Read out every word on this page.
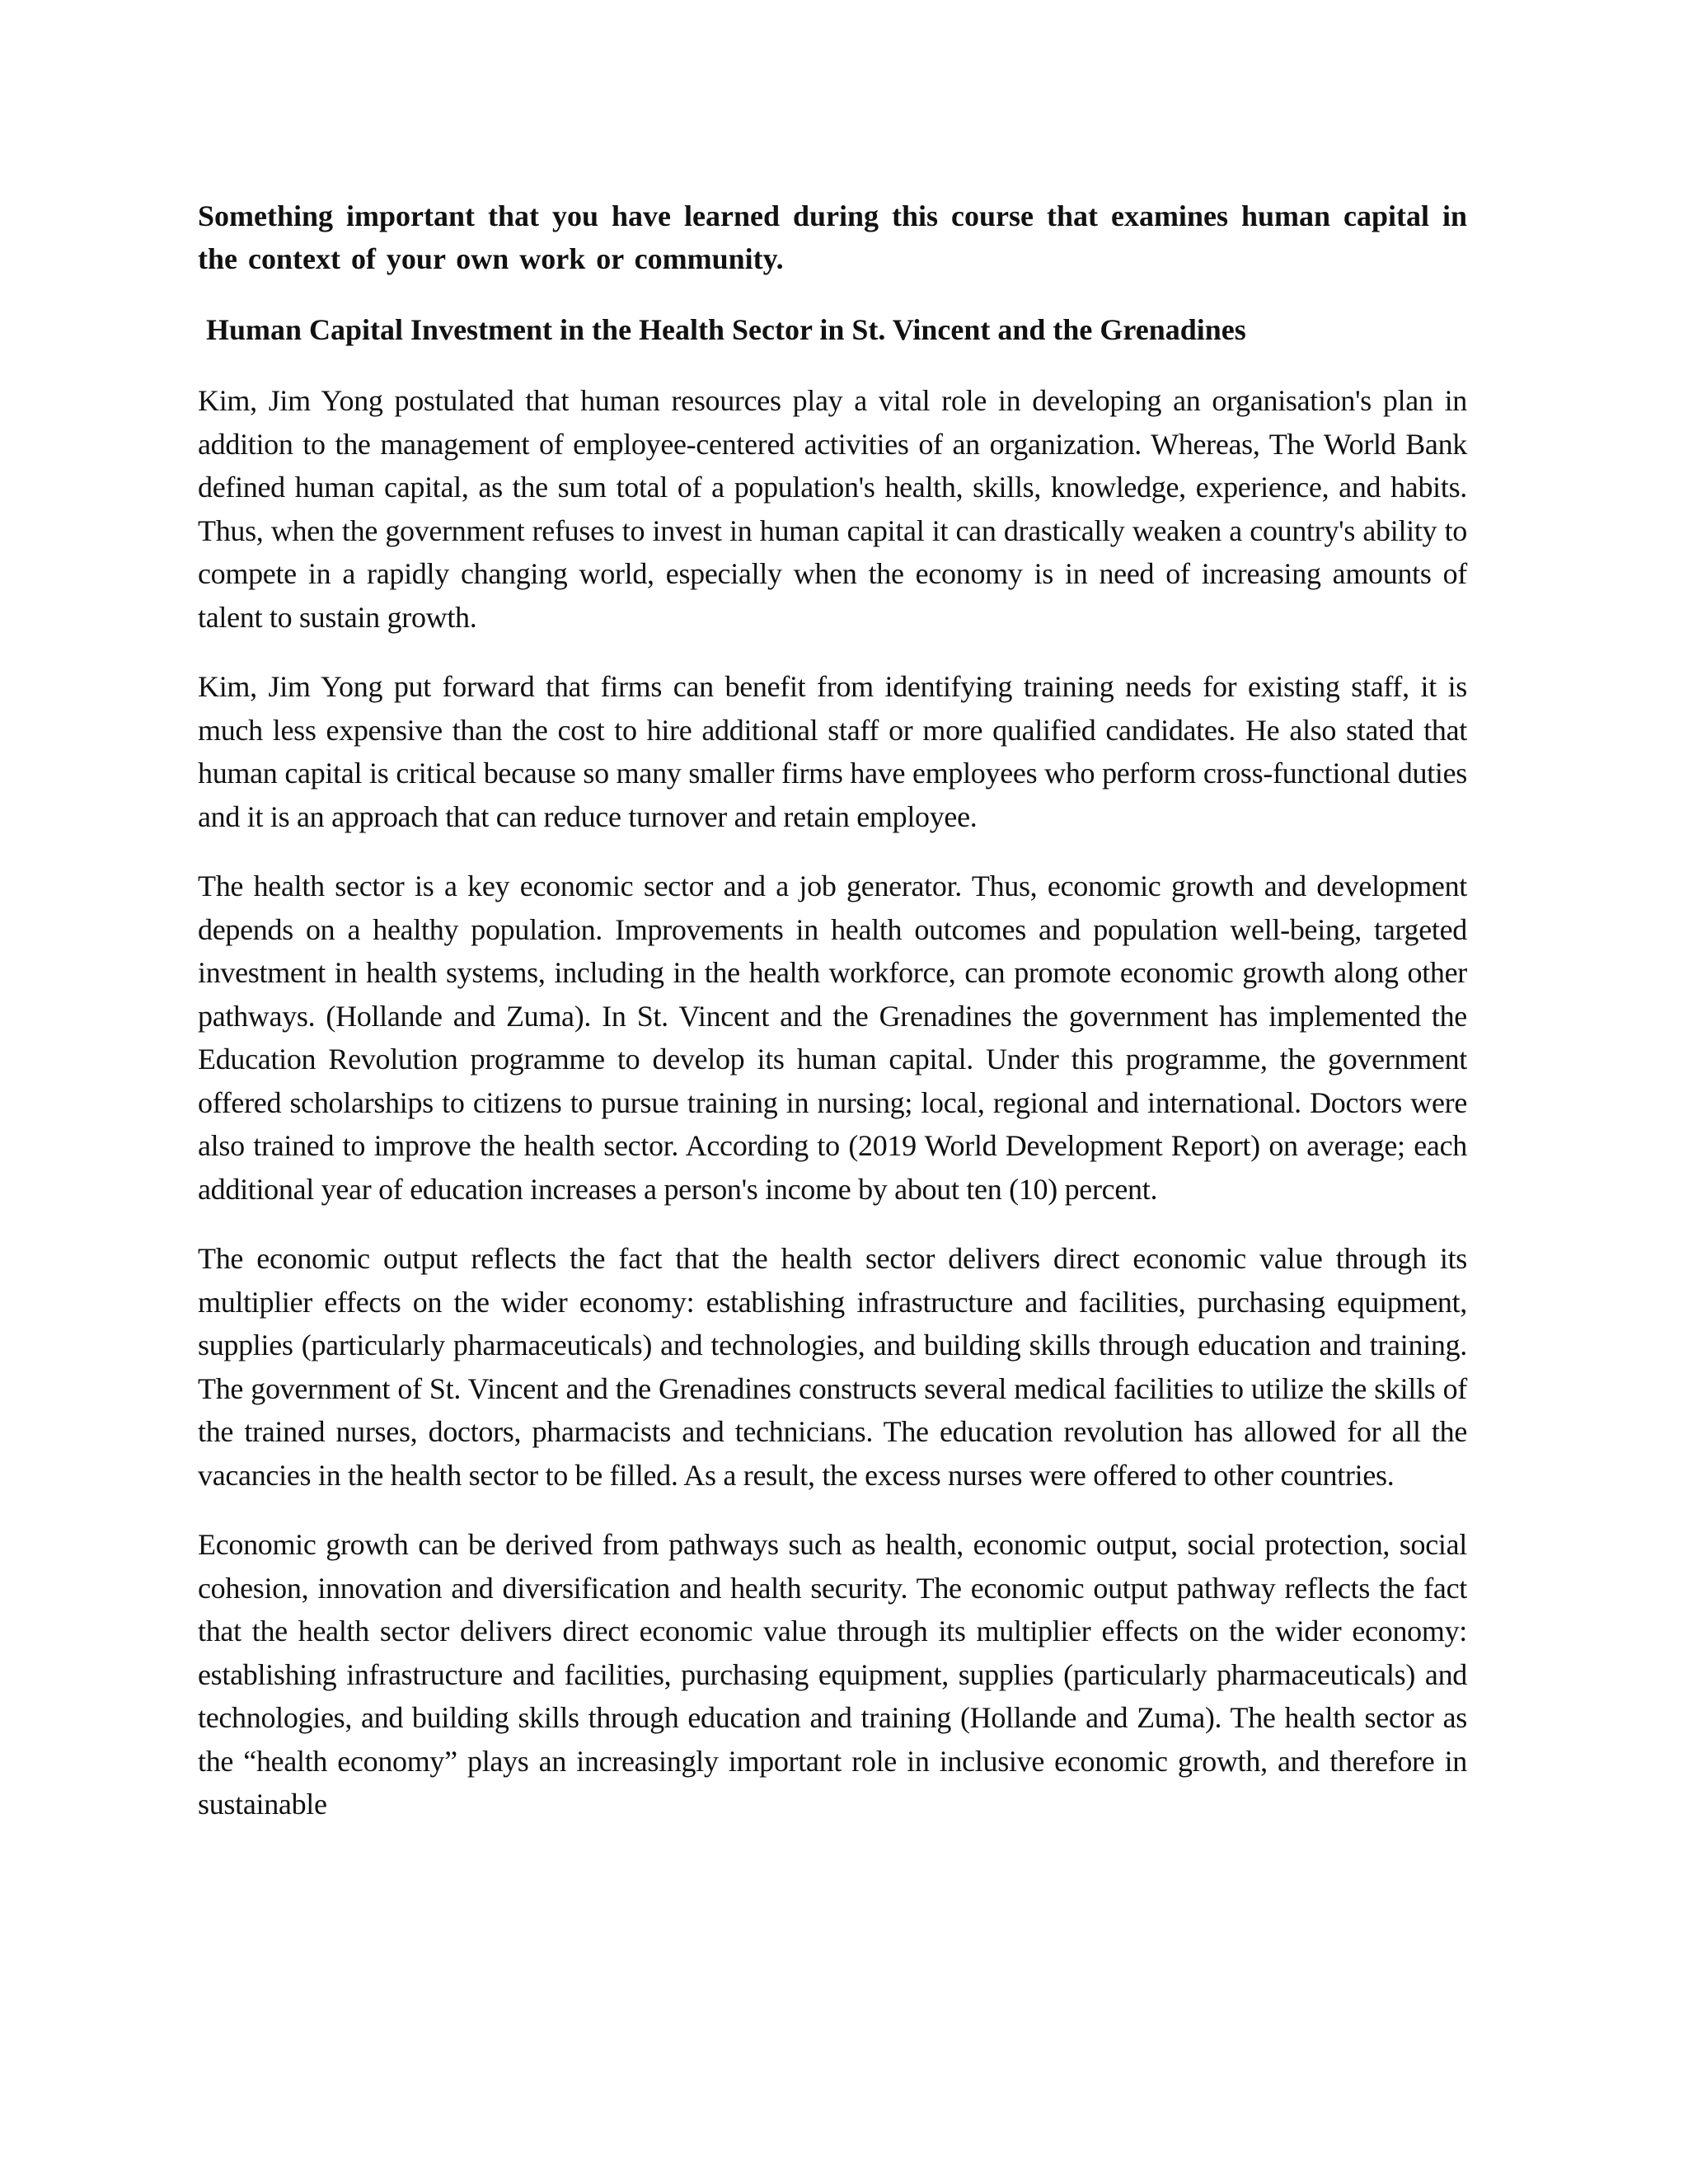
Something important that you have learned during this course that examines human capital in the context of your own work or community.

Human Capital Investment in the Health Sector in St. Vincent and the Grenadines

Kim, Jim Yong postulated that human resources play a vital role in developing an organisation's plan in addition to the management of employee-centered activities of an organization. Whereas, The World Bank defined human capital, as the sum total of a population's health, skills, knowledge, experience, and habits. Thus, when the government refuses to invest in human capital it can drastically weaken a country's ability to compete in a rapidly changing world, especially when the economy is in need of increasing amounts of talent to sustain growth.

Kim, Jim Yong put forward that firms can benefit from identifying training needs for existing staff, it is much less expensive than the cost to hire additional staff or more qualified candidates. He also stated that human capital is critical because so many smaller firms have employees who perform cross-functional duties and it is an approach that can reduce turnover and retain employee.

The health sector is a key economic sector and a job generator. Thus, economic growth and development depends on a healthy population. Improvements in health outcomes and population well-being, targeted investment in health systems, including in the health workforce, can promote economic growth along other pathways. (Hollande and Zuma). In St. Vincent and the Grenadines the government has implemented the Education Revolution programme to develop its human capital. Under this programme, the government offered scholarships to citizens to pursue training in nursing; local, regional and international. Doctors were also trained to improve the health sector. According to (2019 World Development Report) on average; each additional year of education increases a person's income by about ten (10) percent.

The economic output reflects the fact that the health sector delivers direct economic value through its multiplier effects on the wider economy: establishing infrastructure and facilities, purchasing equipment, supplies (particularly pharmaceuticals) and technologies, and building skills through education and training. The government of St. Vincent and the Grenadines constructs several medical facilities to utilize the skills of the trained nurses, doctors, pharmacists and technicians. The education revolution has allowed for all the vacancies in the health sector to be filled. As a result, the excess nurses were offered to other countries.

Economic growth can be derived from pathways such as health, economic output, social protection, social cohesion, innovation and diversification and health security. The economic output pathway reflects the fact that the health sector delivers direct economic value through its multiplier effects on the wider economy: establishing infrastructure and facilities, purchasing equipment, supplies (particularly pharmaceuticals) and technologies, and building skills through education and training (Hollande and Zuma). The health sector as the “health economy” plays an increasingly important role in inclusive economic growth, and therefore in sustainable
